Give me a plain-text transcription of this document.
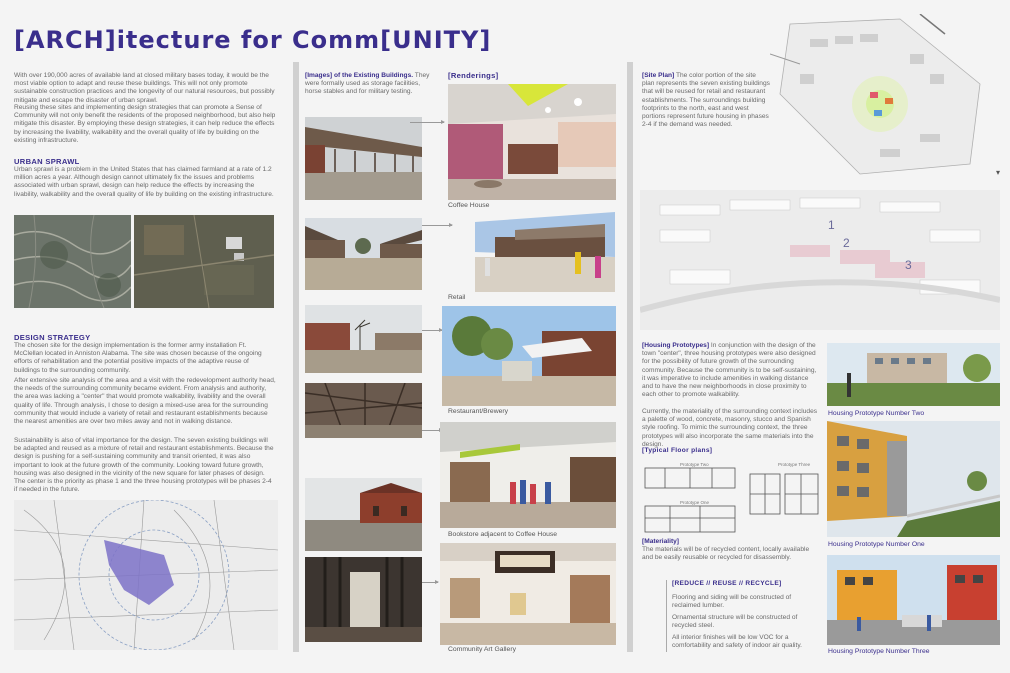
[ARCH]itecture for Comm[UNITY]
With over 190,000 acres of available land at closed military bases today, it would be the most viable option to adapt and reuse these buildings. This will not only promote sustainable construction practices and the longevity of our natural resources, but possibly mitigate and escape the disaster of urban sprawl.
Reusing these sites and implementing design strategies that can promote a Sense of Community will not only benefit the residents of the proposed neighborhood, but also help mitigate this disaster. By employing these design strategies, it can help reduce the effects by increasing the livability, walkability and the overall quality of life by building on the existing infrastructure.
URBAN SPRAWL
Urban sprawl is a problem in the United States that has claimed farmland at a rate of 1.2 million acres a year. Although design cannot ultimately fix the issues and problems associated with urban sprawl, design can help reduce the effects by increasing the livability, walkability and the overall quality of life by building on the existing infrastructure.
DESIGN STRATEGY
The chosen site for the design implementation is the former army installation Ft. McClellan located in Anniston Alabama. The site was chosen because of the ongoing efforts of rehabilitation and the potential positive impacts of the adaptive reuse of buildings to the surrounding community.
After extensive site analysis of the area and a visit with the redevelopment authority head, the needs of the surrounding community became evident. From analysis and authority, the area was lacking a "center" that would promote walkability, livability and the overall quality of life. Through analysis, I chose to design a mixed-use area for the surrounding community that would include a variety of retail and restaurant establishments because the nearest amenities are over two miles away and not in walking distance.
Sustainability is also of vital importance for the design. The seven existing buildings will be adapted and reused as a mixture of retail and restaurant establishments. Because the design is pushing for a self-sustaining community and transit oriented, it was also important to look at the future growth of the community. Looking toward future growth, housing was also designed in the vicinity of the new square for later phases of design. The center is the priority as phase 1 and the three housing prototypes will be phases 2-4 if needed in the future.
[Images] of the Existing Buildings. They were formally used as storage facilities, horse stables and for military testing.
[Renderings]
Coffee House
Retail
Restaurant/Brewery
Bookstore adjacent to Coffee House
Community Art Gallery
[Site Plan] The color portion of the site plan represents the seven existing buildings that will be reused for retail and restaurant establishments. The surroundings building footprints to the north, east and west portions represent future housing in phases 2-4 if the demand was needed.
▾
1
2
3
[Housing Prototypes] In conjunction with the design of the town "center", three housing prototypes were also designed for the possibility of future growth of the surrounding community. Because the community is to be self-sustaining, it was imperative to include amenities in walking distance and to have the new neighborhoods in close proximity to each other to promote walkability.
Currently, the materiality of the surrounding context includes a palette of wood, concrete, masonry, stucco and Spanish style roofing. To mimic the surrounding context, the three prototypes will also incorporate the same materials into the design.
[Typical Floor plans]
Prototype Two
Prototype One
Prototype Three
[Materiality]
The materials will be of recycled content, locally available and be easily reusable or recycled for disassembly.
[REDUCE // REUSE // RECYCLE]
Flooring and siding will be constructed of reclaimed lumber.
Ornamental structure will be constructed of recycled steel.
All interior finishes will be low VOC for a comfortability and safety of indoor air quality.
Housing Prototype Number Two
Housing Prototype Number One
Housing Prototype Number Three
